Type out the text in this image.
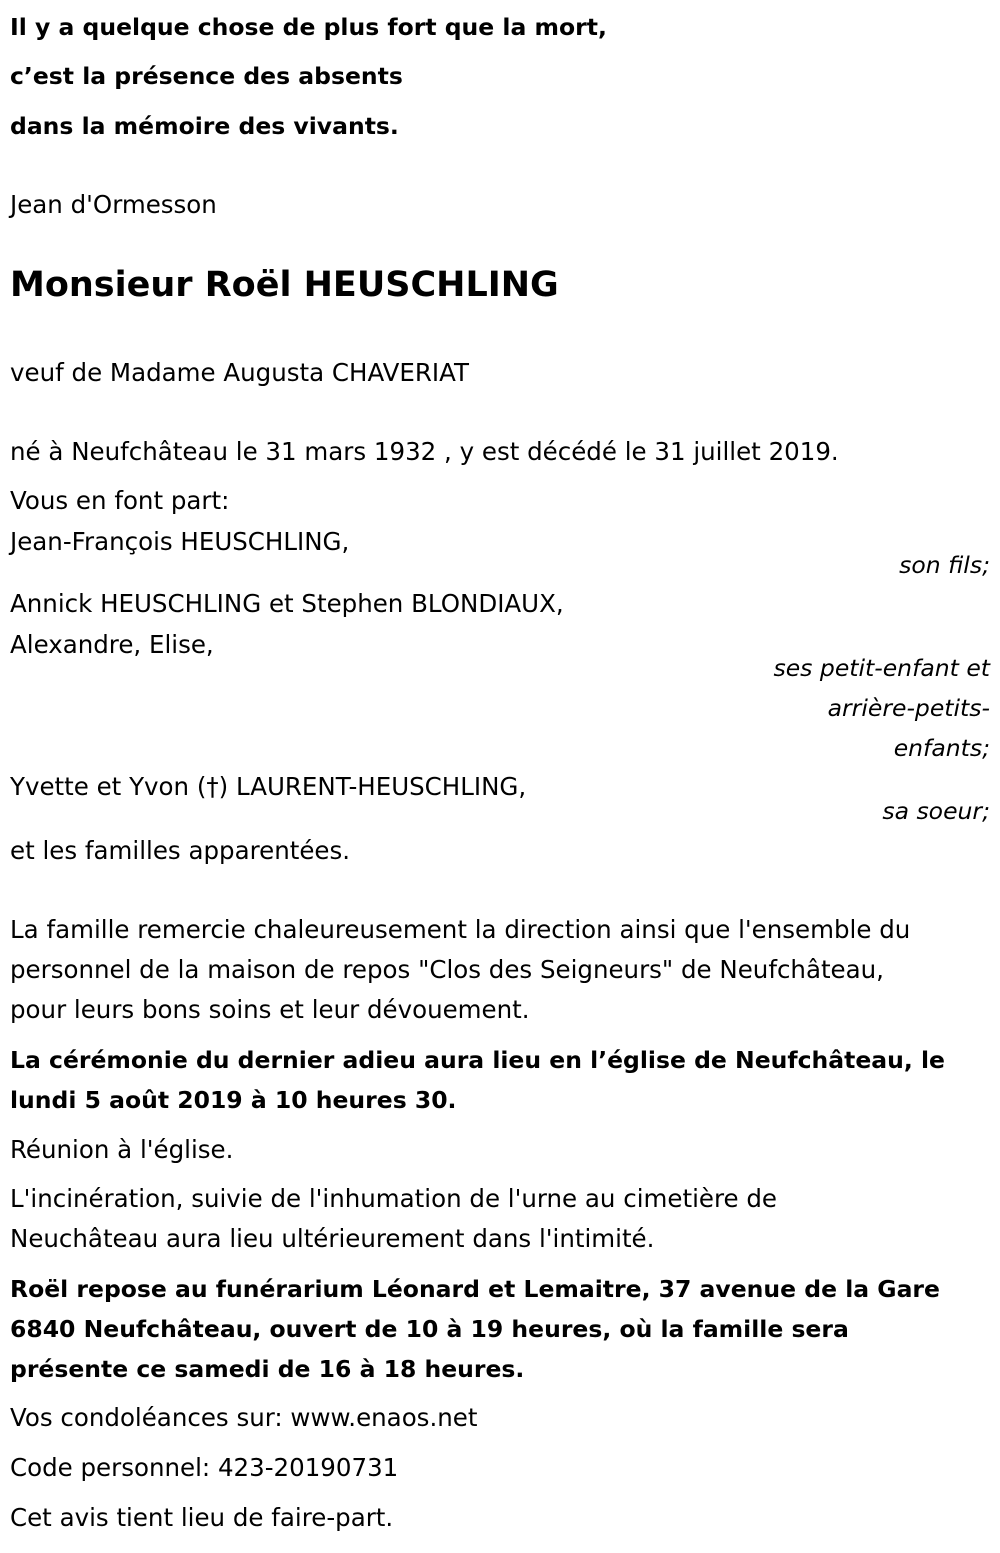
Il y a quelque chose de plus fort que la mort,

c’est la présence des absents

dans la mémoire des vivants.

Jean d'Ormesson

Monsieur Roël HEUSCHLING

veuf de Madame Augusta CHAVERIAT

né à Neufchâteau le 31 mars 1932 , y est décédé le 31 juillet 2019.

Vous en font part:

Jean-François HEUSCHLING,

son fils;

Annick HEUSCHLING et Stephen BLONDIAUX,

Alexandre, Elise,

ses petit-enfant et

arrière-petits-

enfants;

Yvette et Yvon (†) LAURENT-HEUSCHLING,

sa soeur;

et les familles apparentées.

La famille remercie chaleureusement la direction ainsi que l'ensemble du

personnel de la maison de repos "Clos des Seigneurs" de Neufchâteau,

pour leurs bons soins et leur dévouement.

La cérémonie du dernier adieu aura lieu en l’église de Neufchâteau, le

lundi 5 août 2019 à 10 heures 30.

Réunion à l'église.

L'incinération, suivie de l'inhumation de l'urne au cimetière de

Neuchâteau aura lieu ultérieurement dans l'intimité.

Roël repose au funérarium Léonard et Lemaitre, 37 avenue de la Gare

6840 Neufchâteau, ouvert de 10 à 19 heures, où la famille sera

présente ce samedi de 16 à 18 heures.

Vos condoléances sur: www.enaos.net

Code personnel: 423-20190731

Cet avis tient lieu de faire-part.
